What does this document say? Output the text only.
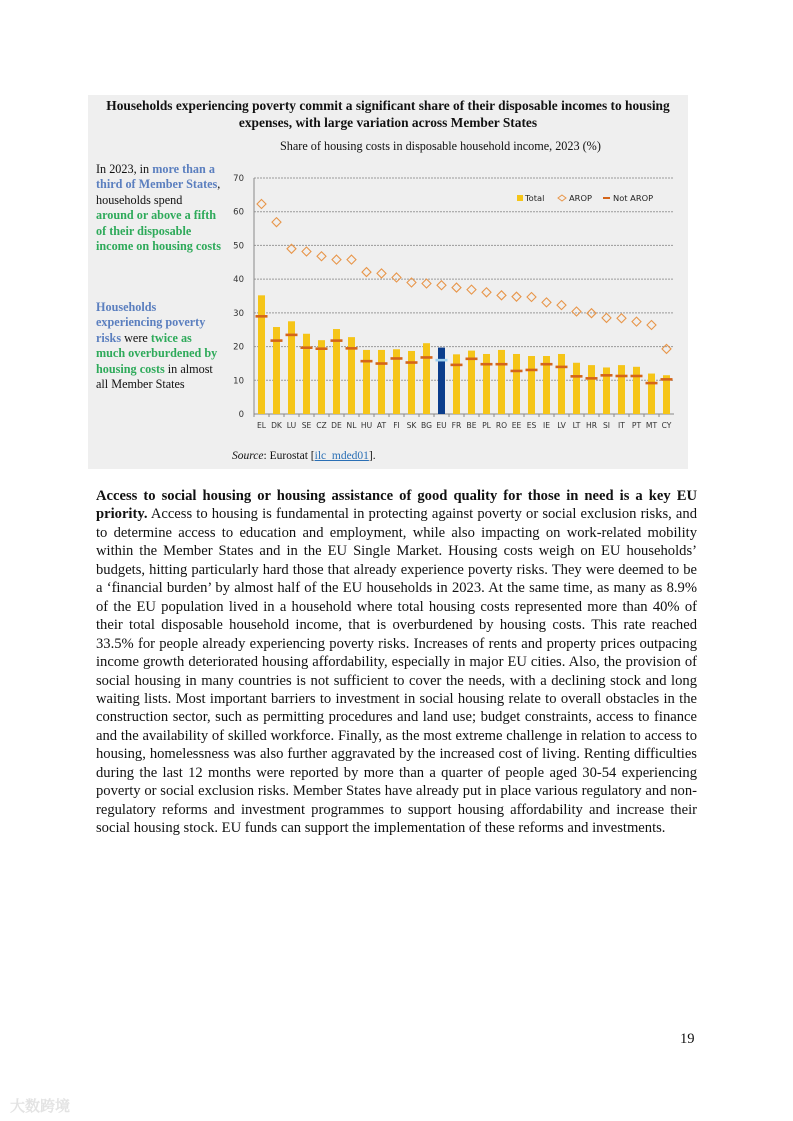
Households experiencing poverty commit a significant share of their disposable incomes to housing expenses, with large variation across Member States
Share of housing costs in disposable household income, 2023 (%)
In 2023, in more than a third of Member States, households spend around or above a fifth of their disposable income on housing costs
Households experiencing poverty risks were twice as much overburdened by housing costs in almost all Member States
0
10
20
30
40
50
60
70
EL DK LU SE CZ DE NL HU AT FI SK BG EU FR BE PL RO EE ES IE LV LT HR SI IT PT MT CY
Total	AROP	Not AROP
Source: Eurostat [ilc_mded01].
Access to social housing or housing assistance of good quality for those in need is a key EU priority. Access to housing is fundamental in protecting against poverty or social exclusion risks, and to determine access to education and employment, while also impacting on work-related mobility within the Member States and in the EU Single Market. Housing costs weigh on EU households’ budgets, hitting particularly hard those that already experience poverty risks. They were deemed to be a ‘financial burden’ by almost half of the EU households in 2023. At the same time, as many as 8.9% of the EU population lived in a household where total housing costs represented more than 40% of their total disposable household income, that is overburdened by housing costs. This rate reached 33.5% for people already experiencing poverty risks. Increases of rents and property prices outpacing income growth deteriorated housing affordability, especially in major EU cities. Also, the provision of social housing in many countries is not sufficient to cover the needs, with a declining stock and long waiting lists. Most important barriers to investment in social housing relate to overall obstacles in the construction sector, such as permitting procedures and land use; budget constraints, access to finance and the availability of skilled workforce. Finally, as the most extreme challenge in relation to access to housing, homelessness was also further aggravated by the increased cost of living. Renting difficulties during the last 12 months were reported by more than a quarter of people aged 30-54 experiencing poverty or social exclusion risks. Member States have already put in place various regulatory and non-regulatory reforms and investment programmes to support housing affordability and increase their social housing stock. EU funds can support the implementation of these reforms and investments.
19
大数跨境
